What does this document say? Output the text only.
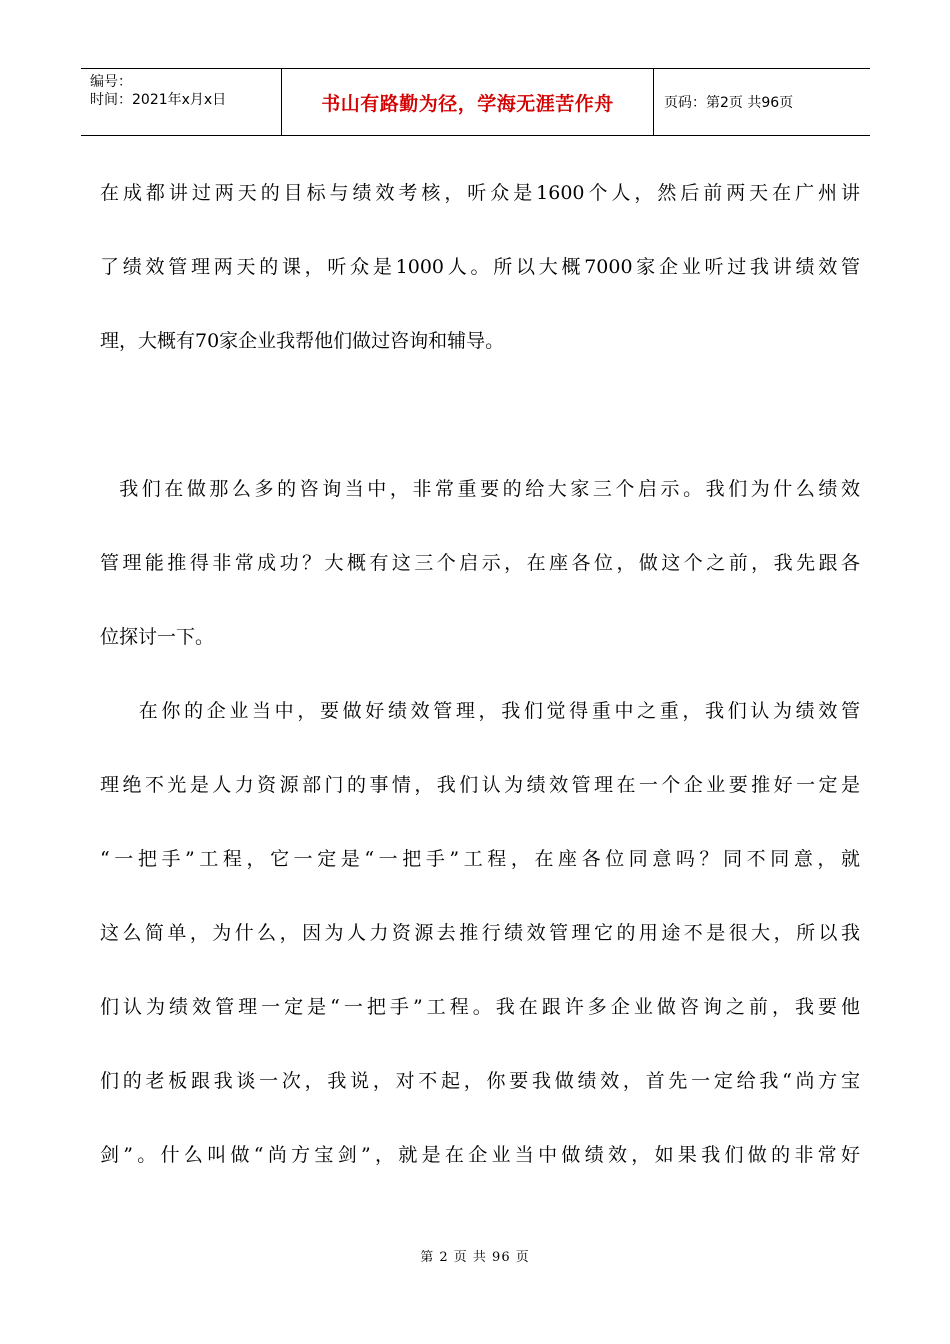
编号：
时间：2021年x月x日	书山有路勤为径，学海无涯苦作舟	页码：第2页 共96页

在成都讲过两天的目标与绩效考核，听众是1600个人，然后前两天在广州讲
了绩效管理两天的课，听众是1000人。所以大概7000家企业听过我讲绩效管
理，大概有70家企业我帮他们做过咨询和辅导。

我们在做那么多的咨询当中，非常重要的给大家三个启示。我们为什么绩效
管理能推得非常成功？大概有这三个启示，在座各位，做这个之前，我先跟各
位探讨一下。

在你的企业当中，要做好绩效管理，我们觉得重中之重，我们认为绩效管
理绝不光是人力资源部门的事情，我们认为绩效管理在一个企业要推好一定是
“一把手”工程，它一定是“一把手”工程，在座各位同意吗？同不同意，就
这么简单，为什么，因为人力资源去推行绩效管理它的用途不是很大，所以我
们认为绩效管理一定是“一把手”工程。我在跟许多企业做咨询之前，我要他
们的老板跟我谈一次，我说，对不起，你要我做绩效，首先一定给我“尚方宝
剑”。什么叫做“尚方宝剑”，就是在企业当中做绩效，如果我们做的非常好

第 2 页 共 96 页
